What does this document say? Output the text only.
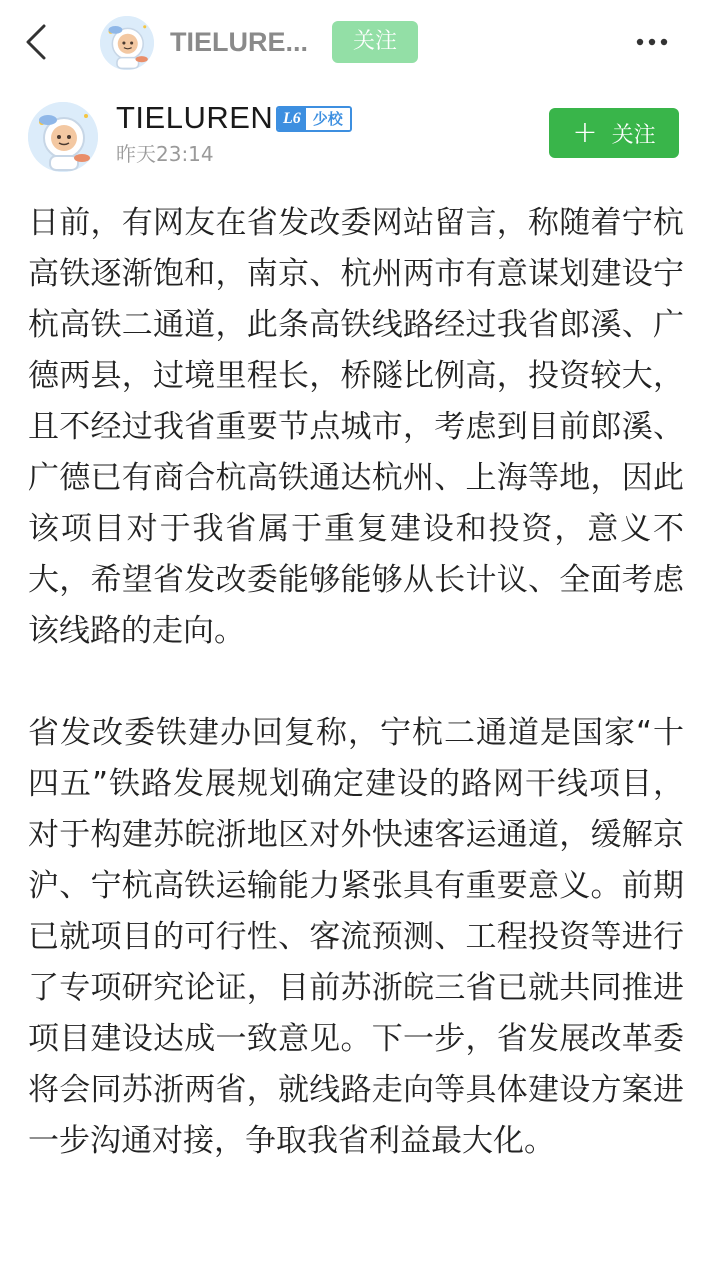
TIELURE...	关注
TIELUREN L6 少校
昨天23:14
+ 关注
日前，有网友在省发改委网站留言，称随着宁杭高铁逐渐饱和，南京、杭州两市有意谋划建设宁杭高铁二通道，此条高铁线路经过我省郎溪、广德两县，过境里程长，桥隧比例高，投资较大，且不经过我省重要节点城市，考虑到目前郎溪、广德已有商合杭高铁通达杭州、上海等地，因此该项目对于我省属于重复建设和投资，意义不大，希望省发改委能够能够从长计议、全面考虑该线路的走向。
省发改委铁建办回复称，宁杭二通道是国家“十四五”铁路发展规划确定建设的路网干线项目，对于构建苏皖浙地区对外快速客运通道，缓解京沪、宁杭高铁运输能力紧张具有重要意义。前期已就项目的可行性、客流预测、工程投资等进行了专项研究论证，目前苏浙皖三省已就共同推进项目建设达成一致意见。下一步，省发展改革委将会同苏浙两省，就线路走向等具体建设方案进一步沟通对接，争取我省利益最大化。
